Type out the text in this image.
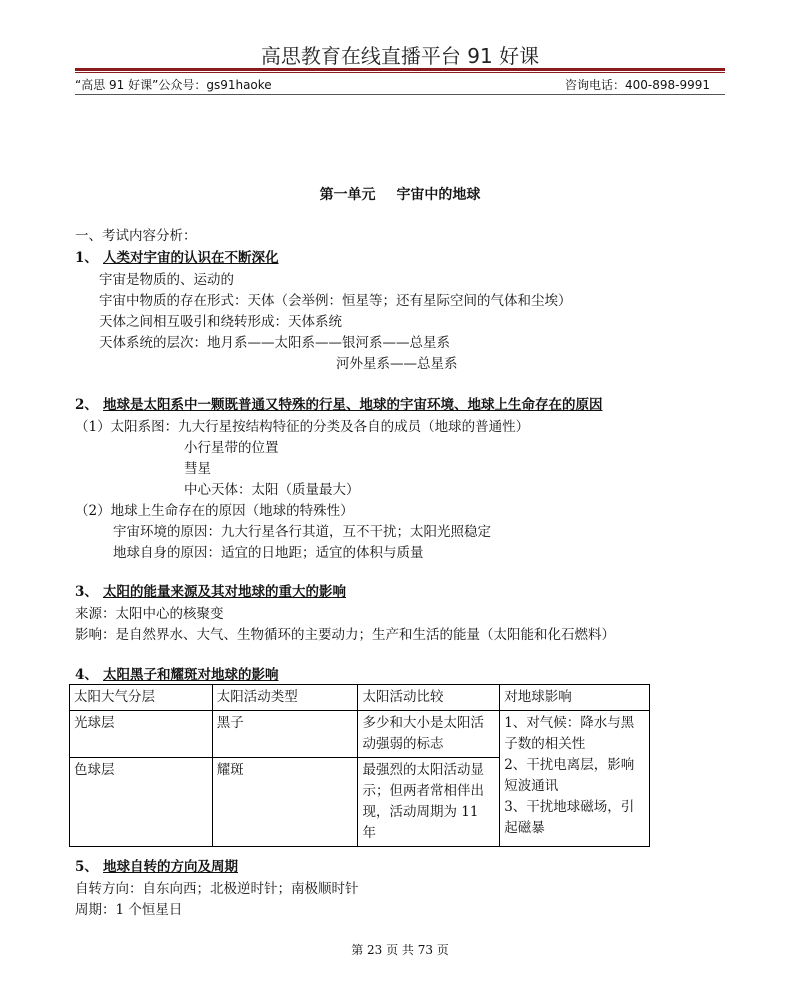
高思教育在线直播平台 91 好课
“高思 91 好课”公众号：gs91haoke	咨询电话：400-898-9991
第一单元 宇宙中的地球
一、考试内容分析：
1、 人类对宇宙的认识在不断深化
宇宙是物质的、运动的
宇宙中物质的存在形式：天体（会举例：恒星等；还有星际空间的气体和尘埃）
天体之间相互吸引和绕转形成：天体系统
天体系统的层次：地月系——太阳系——银河系——总星系
河外星系——总星系
2、 地球是太阳系中一颗既普通又特殊的行星、地球的宇宙环境、地球上生命存在的原因
（1）太阳系图：九大行星按结构特征的分类及各自的成员（地球的普通性）
小行星带的位置
彗星
中心天体：太阳（质量最大）
（2）地球上生命存在的原因（地球的特殊性）
宇宙环境的原因：九大行星各行其道，互不干扰；太阳光照稳定
地球自身的原因：适宜的日地距；适宜的体积与质量
3、 太阳的能量来源及其对地球的重大的影响
来源：太阳中心的核聚变
影响：是自然界水、大气、生物循环的主要动力；生产和生活的能量（太阳能和化石燃料）
4、 太阳黑子和耀斑对地球的影响
太阳大气分层	太阳活动类型	太阳活动比较	对地球影响
光球层	黑子	多少和大小是太阳活动强弱的标志	1、对气候：降水与黑子数的相关性
2、干扰电离层，影响短波通讯
3、干扰地球磁场，引起磁暴

色球层	耀斑	最强烈的太阳活动显示；但两者常相伴出现，活动周期为 11 年	
5、 地球自转的方向及周期
自转方向：自东向西；北极逆时针；南极顺时针
周期：1 个恒星日
第 23 页 共 73 页
